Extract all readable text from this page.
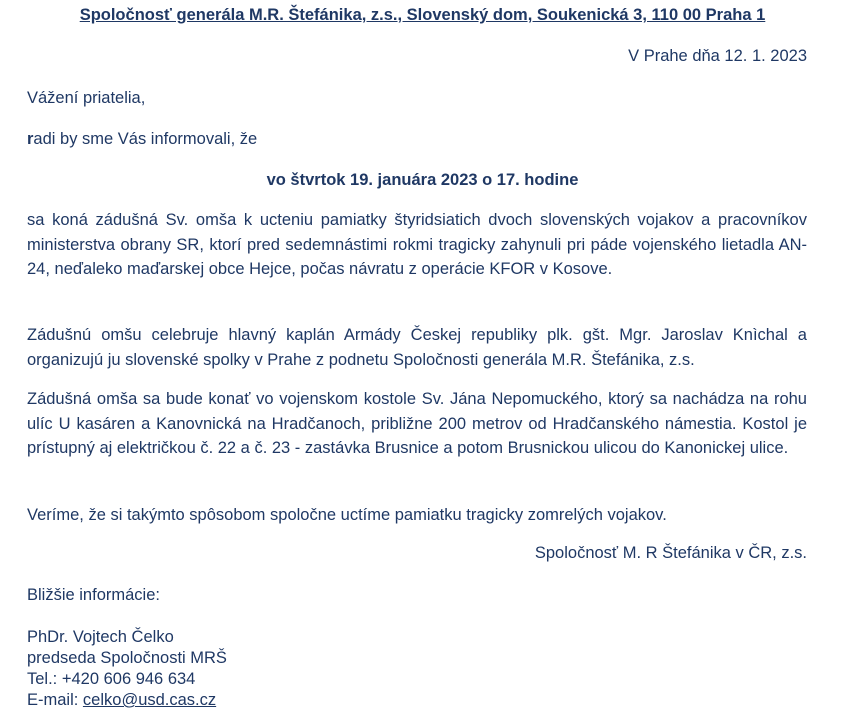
Spoločnosť generála M.R. Štefánika, z.s., Slovenský dom, Soukenická 3, 110 00 Praha 1
V Prahe dňa 12. 1. 2023
Vážení priatelia,
radi by sme Vás informovali, že
vo štvrtok 19. januára 2023 o 17. hodine
sa koná zádušná Sv. omša k ucteniu pamiatky štyridsiatich dvoch slovenských vojakov a pracovníkov ministerstva obrany SR, ktorí pred sedemnástimi rokmi tragicky zahynuli pri páde vojenského lietadla AN-24, neďaleko maďarskej obce Hejce, počas návratu z operácie KFOR v Kosove.
Zádušnú omšu celebruje hlavný kaplán Armády Českej republiky plk. gšt. Mgr. Jaroslav Knìchal a organizujú ju slovenské spolky v Prahe z podnetu Spoločnosti generála M.R. Štefánika, z.s.
Zádušná omša sa bude konať vo vojenskom kostole Sv. Jána Nepomuckého, ktorý sa nachádza na rohu ulíc U kasáren a Kanovnická na Hradčanoch, približne 200 metrov od Hradčanského námestia. Kostol je prístupný aj električkou č. 22 a č. 23 - zastávka Brusnice a potom Brusnickou ulicou do Kanonickej ulice.
Veríme, že si takýmto spôsobom spoločne uctíme pamiatku tragicky zomrelých vojakov.
Spoločnosť M. R Štefánika v ČR, z.s.
Bližšie informácie:
PhDr. Vojtech Čelko
predseda Spoločnosti MRŠ
Tel.: +420 606 946 634
E-mail: celko@usd.cas.cz
